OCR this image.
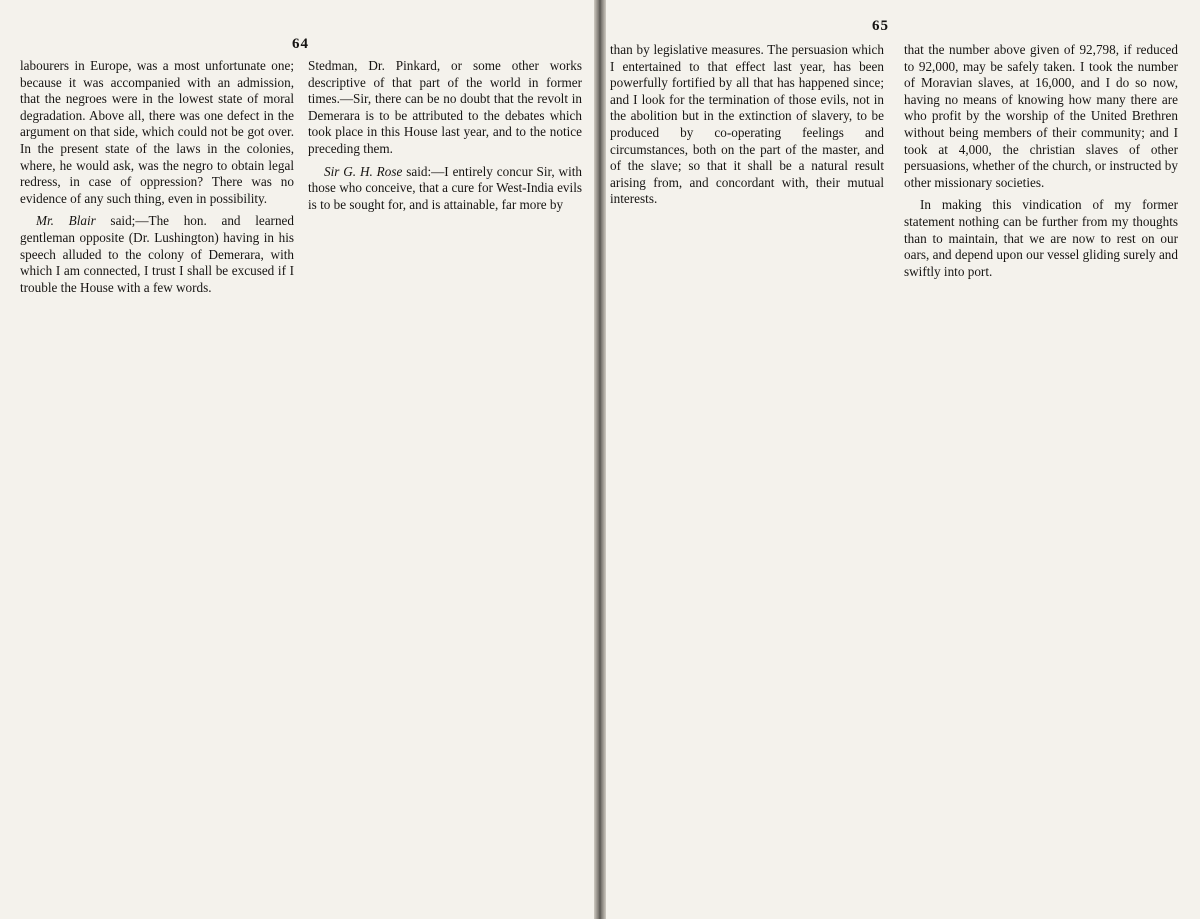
64

labourers in Europe, was a most unfortunate one; because it was accompanied with an admission, that the negroes were in the lowest state of moral degradation. Above all, there was one defect in the argument on that side, which could not be got over. In the present state of the laws in the colonies, where, he would ask, was the negro to obtain legal redress, in case of oppression? There was no evidence of any such thing, even in possibility.

Mr. Blair said;—The hon. and learned gentleman opposite (Dr. Lushington) having in his speech alluded to the colony of Demerara, with which I am connected, I trust I shall be excused if I trouble the House with a few words.

Stedman, Dr. Pinkard, or some other works descriptive of that part of the world in former times.—Sir, there can be no doubt that the revolt in Demerara is to be attributed to the debates which took place in this House last year, and to the notice preceding them.

Sir G. H. Rose said:—I entirely concur Sir, with those who conceive, that a cure for West-India evils is to be sought for, and is attainable, far more by

65

than by legislative measures. The persuasion which I entertained to that effect last year, has been powerfully fortified by all that has happened since; and I look for the termination of those evils, not in the abolition but in the extinction of slavery, to be produced by co-operating feelings and circumstances, both on the part of the master, and of the slave; so that it shall be a natural result arising from, and concordant with, their mutual interests.

that the number above given of 92,798, if reduced to 92,000, may be safely taken. I took the number of Moravian slaves, at 16,000, and I do so now, having no means of knowing how many there are who profit by the worship of the United Brethren without being members of their community; and I took at 4,000, the christian slaves of other persuasions, whether of the church, or instructed by other missionary societies.

In making this vindication of my former statement nothing can be further from my thoughts than to maintain, that we are now to rest on our oars, and depend upon our vessel gliding surely and swiftly into port.
